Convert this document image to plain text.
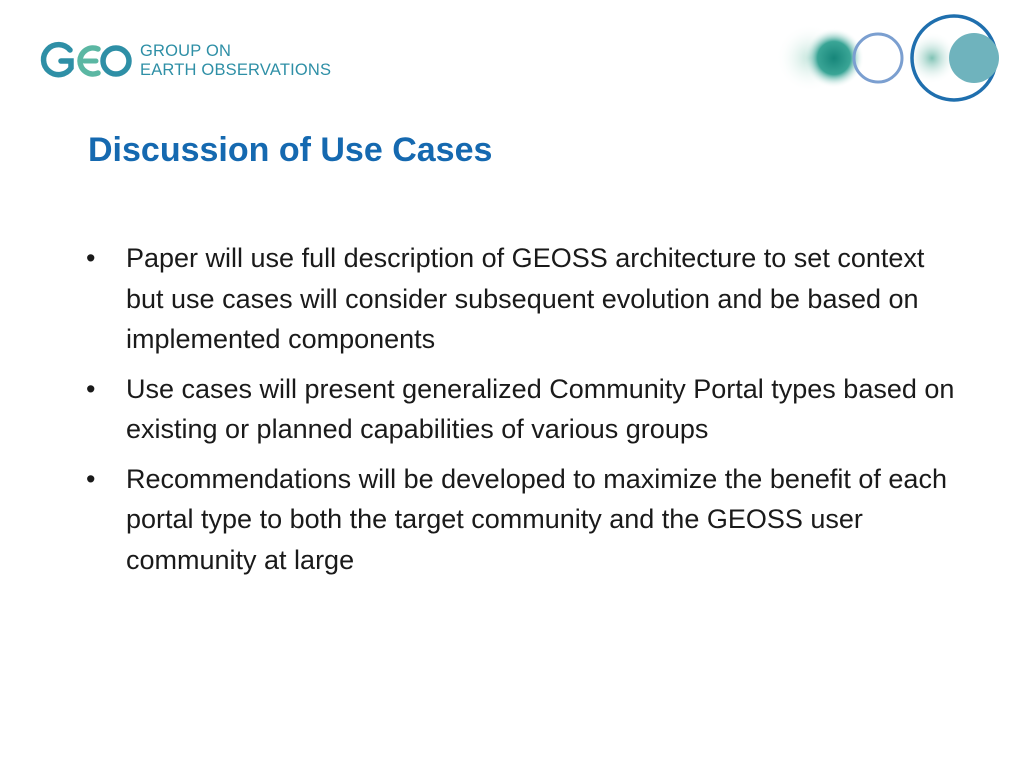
GROUP ON
EARTH OBSERVATIONS
Discussion of Use Cases
•	Paper will use full description of GEOSS architecture to set context but use cases will consider subsequent evolution and be based on implemented components
•	Use cases will present generalized Community Portal types based on existing or planned capabilities of various groups
•	Recommendations will be developed to maximize the benefit of each portal type to both the target community and the GEOSS user community at large
